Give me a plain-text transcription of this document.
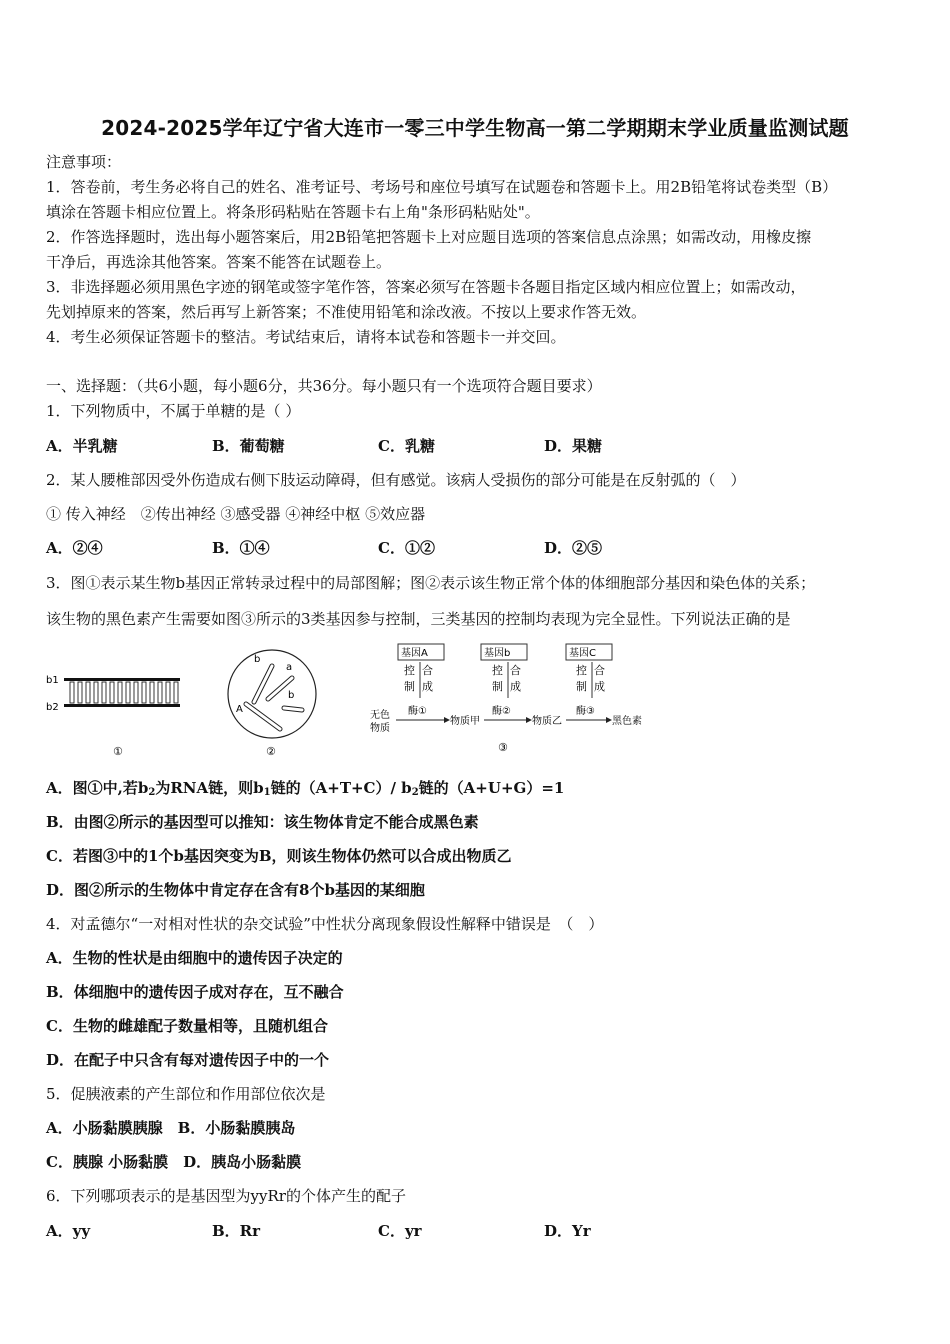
2024-2025学年辽宁省大连市一零三中学生物高一第二学期期末学业质量监测试题
注意事项：
1．答卷前，考生务必将自己的姓名、准考证号、考场号和座位号填写在试题卷和答题卡上。用2B铅笔将试卷类型（B）
填涂在答题卡相应位置上。将条形码粘贴在答题卡右上角"条形码粘贴处"。
2．作答选择题时，选出每小题答案后，用2B铅笔把答题卡上对应题目选项的答案信息点涂黑；如需改动，用橡皮擦
干净后，再选涂其他答案。答案不能答在试题卷上。
3．非选择题必须用黑色字迹的钢笔或签字笔作答，答案必须写在答题卡各题目指定区域内相应位置上；如需改动，
先划掉原来的答案，然后再写上新答案；不准使用铅笔和涂改液。不按以上要求作答无效。
4．考生必须保证答题卡的整洁。考试结束后，请将本试卷和答题卡一并交回。
一、选择题：（共6小题，每小题6分，共36分。每小题只有一个选项符合题目要求）
1．下列物质中，不属于单糖的是（ ）
A．半乳糖	B．葡萄糖	C．乳糖	D．果糖
2．某人腰椎部因受外伤造成右侧下肢运动障碍，但有感觉。该病人受损伤的部分可能是在反射弧的（　）
① 传入神经　②传出神经 ③感受器 ④神经中枢 ⑤效应器
A．②④	B．①④	C．①②	D．②⑤
3．图①表示某生物b基因正常转录过程中的局部图解；图②表示该生物正常个体的体细胞部分基因和染色体的关系；
该生物的黑色素产生需要如图③所示的3类基因参与控制，三类基因的控制均表现为完全显性。下列说法正确的是
b1
b2
①
b
a
A
b
②
基因A	基因b	基因C
控 合
制 成
控 合
制 成
控 合
制 成
无色
物质
酶①
物质甲
酶②
物质乙
酶③
黑色素
③
A．图①中,若$b_2$为RNA链，则$b_1$链的（A+T+C）/ $b_2$链的（A+U+G）=1
B．由图②所示的基因型可以推知：该生物体肯定不能合成黑色素
C．若图③中的1个b基因突变为B，则该生物体仍然可以合成出物质乙
D．图②所示的生物体中肯定存在含有8个b基因的某细胞
4．对孟德尔“一对相对性状的杂交试验”中性状分离现象假设性解释中错误是　（　）
A．生物的性状是由细胞中的遗传因子决定的
B．体细胞中的遗传因子成对存在，互不融合
C．生物的雌雄配子数量相等，且随机组合
D．在配子中只含有每对遗传因子中的一个
5．促胰液素的产生部位和作用部位依次是
A．小肠黏膜胰腺　B．小肠黏膜胰岛
C．胰腺 小肠黏膜　D．胰岛小肠黏膜
6．下列哪项表示的是基因型为yyRr的个体产生的配子
A．yy	B．Rr	C．yr	D．Yr
